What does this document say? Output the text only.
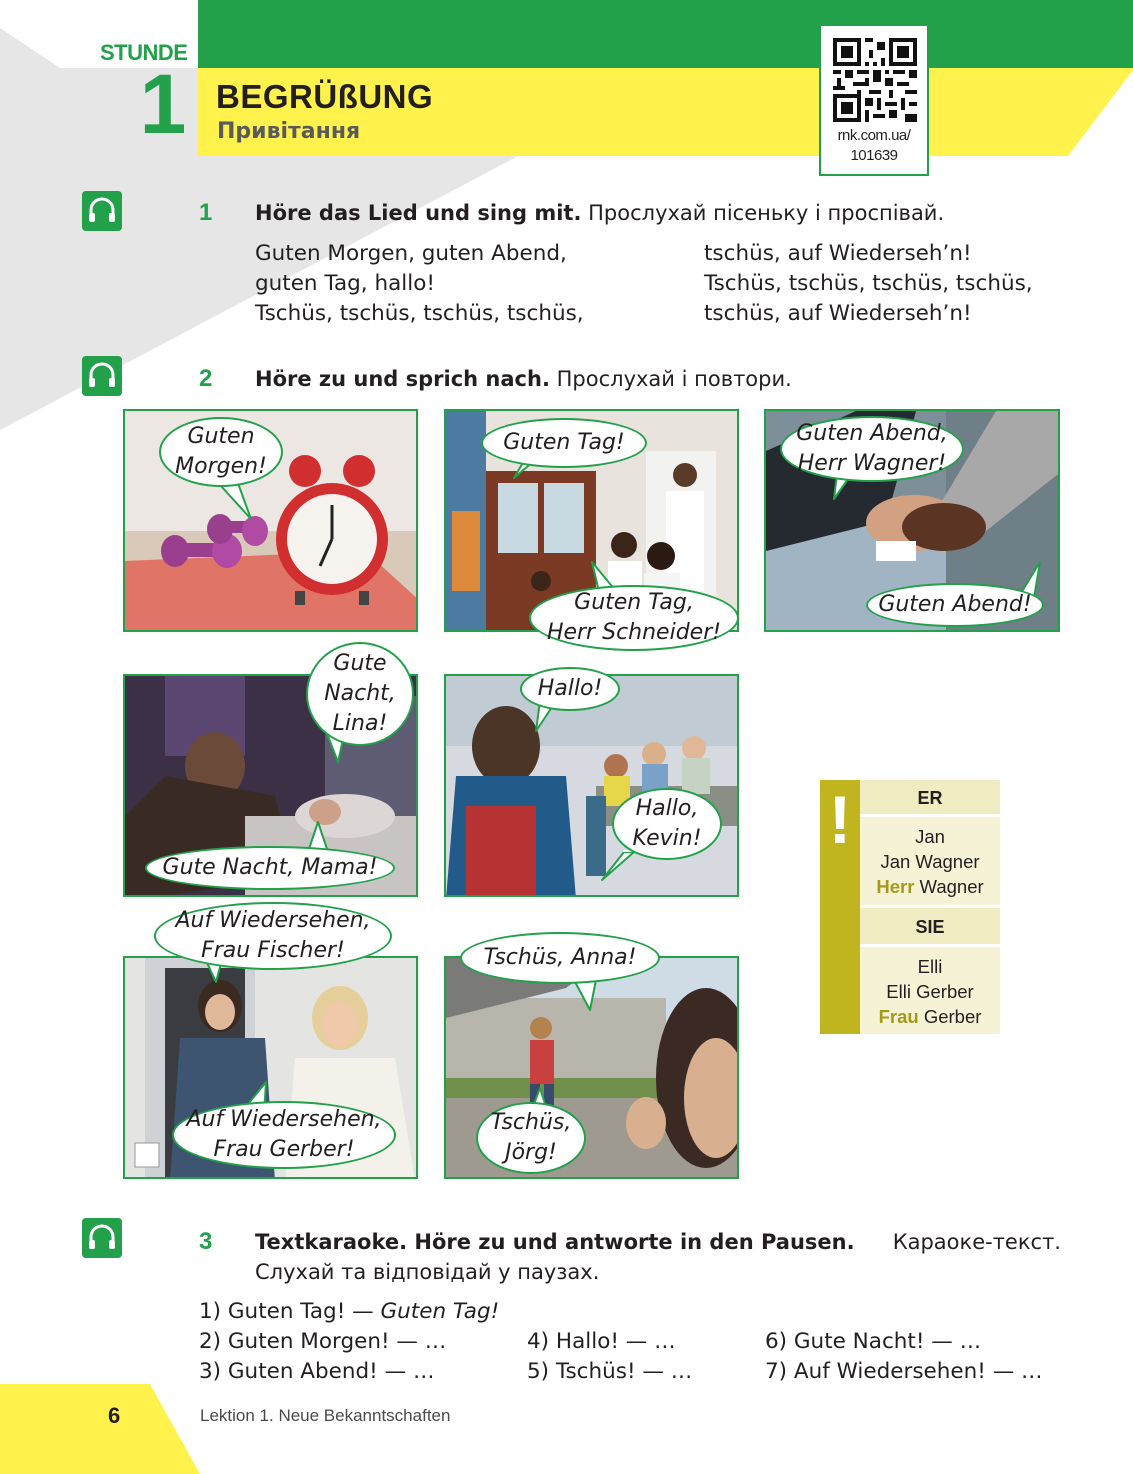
STUNDE
1 BEGRÜßUNG
Привітання	rnk.com.ua/
101639
1 Höre das Lied und sing mit. Прослухай пісеньку і проспівай.
Guten Morgen, guten Abend,
guten Tag, hallo!
Tschüs, tschüs, tschüs, tschüs,
tschüs, auf Wiederseh’n!
Tschüs, tschüs, tschüs, tschüs,
tschüs, auf Wiederseh’n!
2 Höre zu und sprich nach. Прослухай і повтори.
Guten
Morgen!
Guten Tag!
Guten Tag,
Herr Schneider!
Guten Abend,
Herr Wagner!
Guten Abend!
Gute
Nacht,
Lina!
Gute Nacht, Mama!
Hallo!
Hallo,
Kevin!
Auf Wiedersehen,
Frau Fischer!
Auf Wiedersehen,
Frau Gerber!
Tschüs, Anna!
Tschüs,
Jörg!
!	ER
Jan
Jan Wagner
Herr Wagner
SIE
Elli
Elli Gerber
Frau Gerber
3 Textkaraoke. Höre zu und antworte in den Pausen. Караоке-текст.
Слухай та відповідай у паузах.
1) Guten Tag! — Guten Tag!
2) Guten Morgen! — …
3) Guten Abend! — …
4) Hallo! — …
5) Tschüs! — …
6) Gute Nacht! — …
7) Auf Wiedersehen! — …
6	Lektion 1. Neue Bekanntschaften
